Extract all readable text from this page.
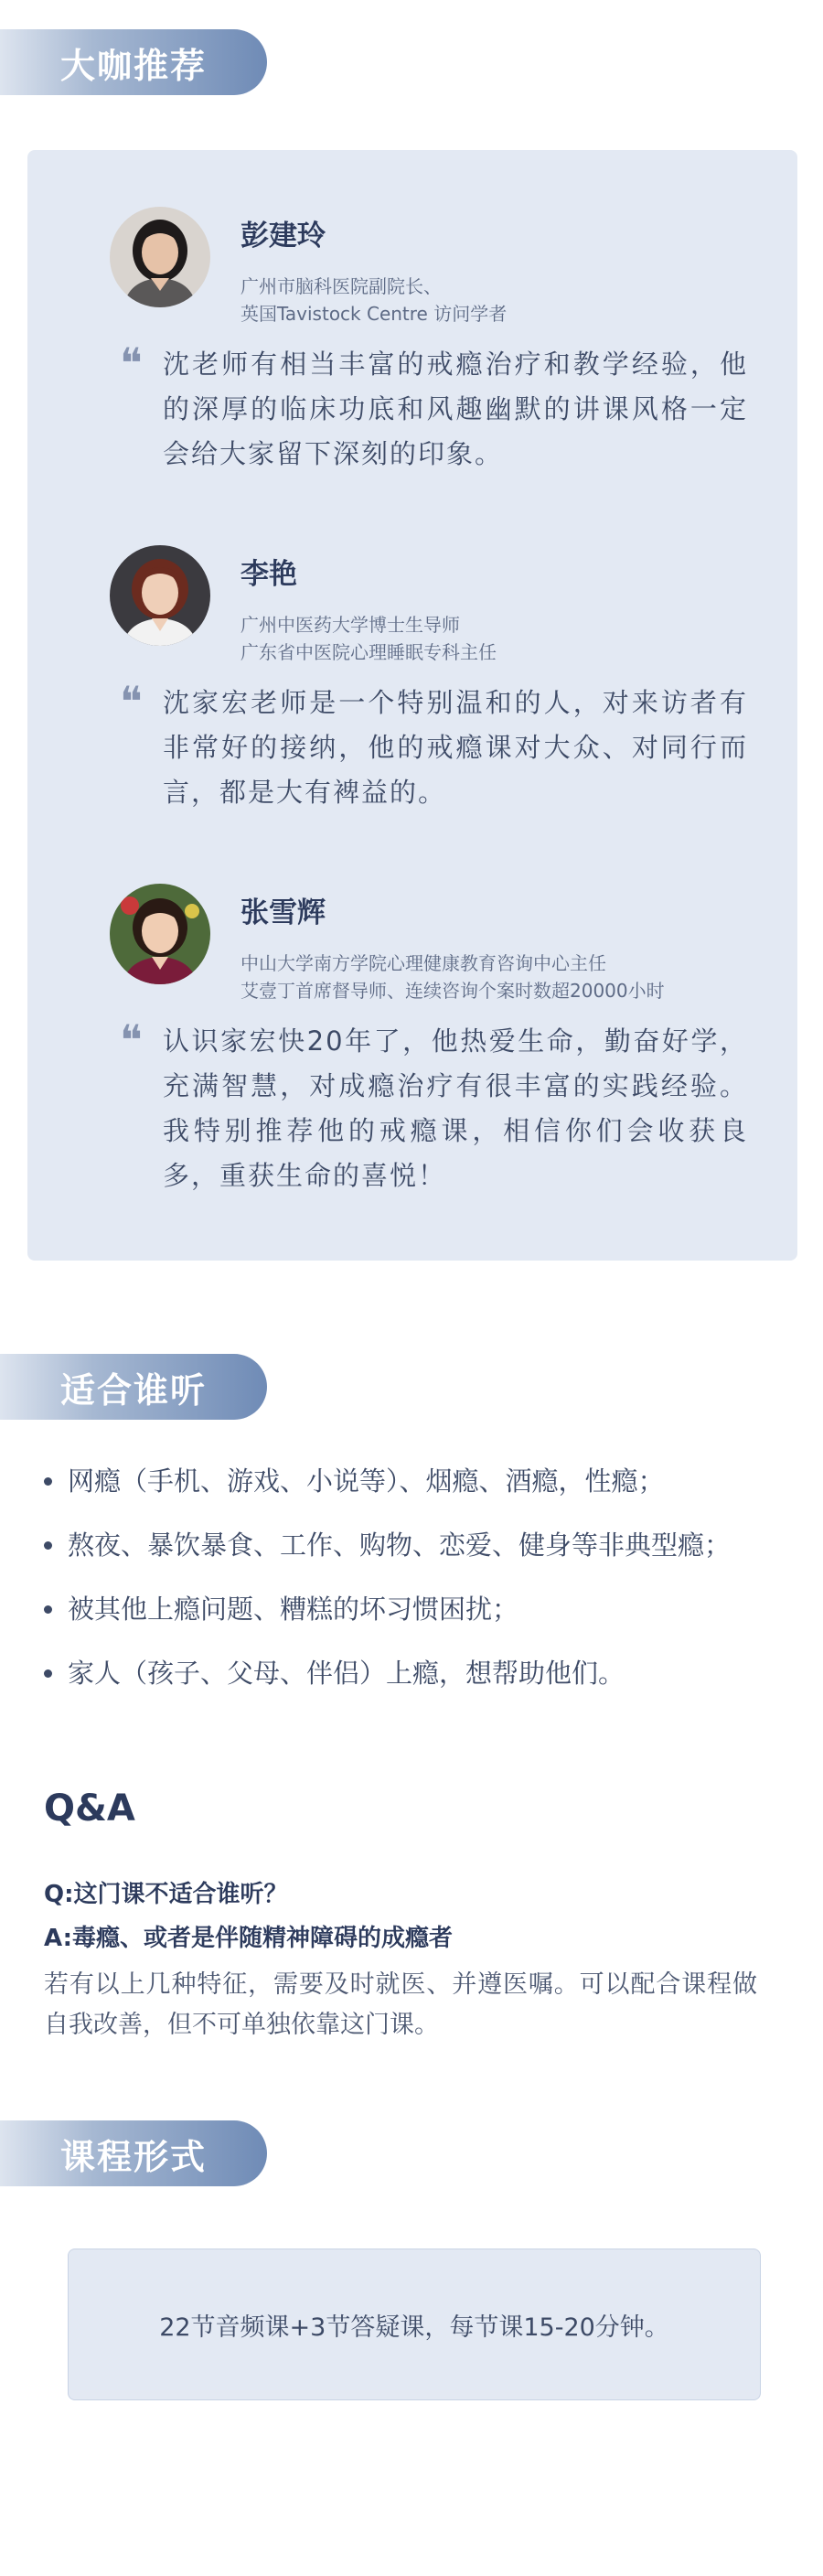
大咖推荐
彭建玲
广州市脑科医院副院长、
英国Tavistock Centre 访问学者
❝ 沈老师有相当丰富的戒瘾治疗和教学经验，他的深厚的临床功底和风趣幽默的讲课风格一定会给大家留下深刻的印象。
李艳
广州中医药大学博士生导师
广东省中医院心理睡眠专科主任
❝ 沈家宏老师是一个特别温和的人，对来访者有非常好的接纳，他的戒瘾课对大众、对同行而言，都是大有裨益的。
张雪辉
中山大学南方学院心理健康教育咨询中心主任
艾壹丁首席督导师、连续咨询个案时数超20000小时
❝ 认识家宏快20年了，他热爱生命，勤奋好学，充满智慧，对成瘾治疗有很丰富的实践经验。我特别推荐他的戒瘾课，相信你们会收获良多，重获生命的喜悦！
适合谁听
网瘾（手机、游戏、小说等）、烟瘾、酒瘾，性瘾；
熬夜、暴饮暴食、工作、购物、恋爱、健身等非典型瘾；
被其他上瘾问题、糟糕的坏习惯困扰；
家人（孩子、父母、伴侣）上瘾，想帮助他们。
Q&A
Q:这门课不适合谁听？
A:毒瘾、或者是伴随精神障碍的成瘾者
若有以上几种特征，需要及时就医、并遵医嘱。可以配合课程做自我改善，但不可单独依靠这门课。
课程形式
22节音频课+3节答疑课，每节课15-20分钟。
